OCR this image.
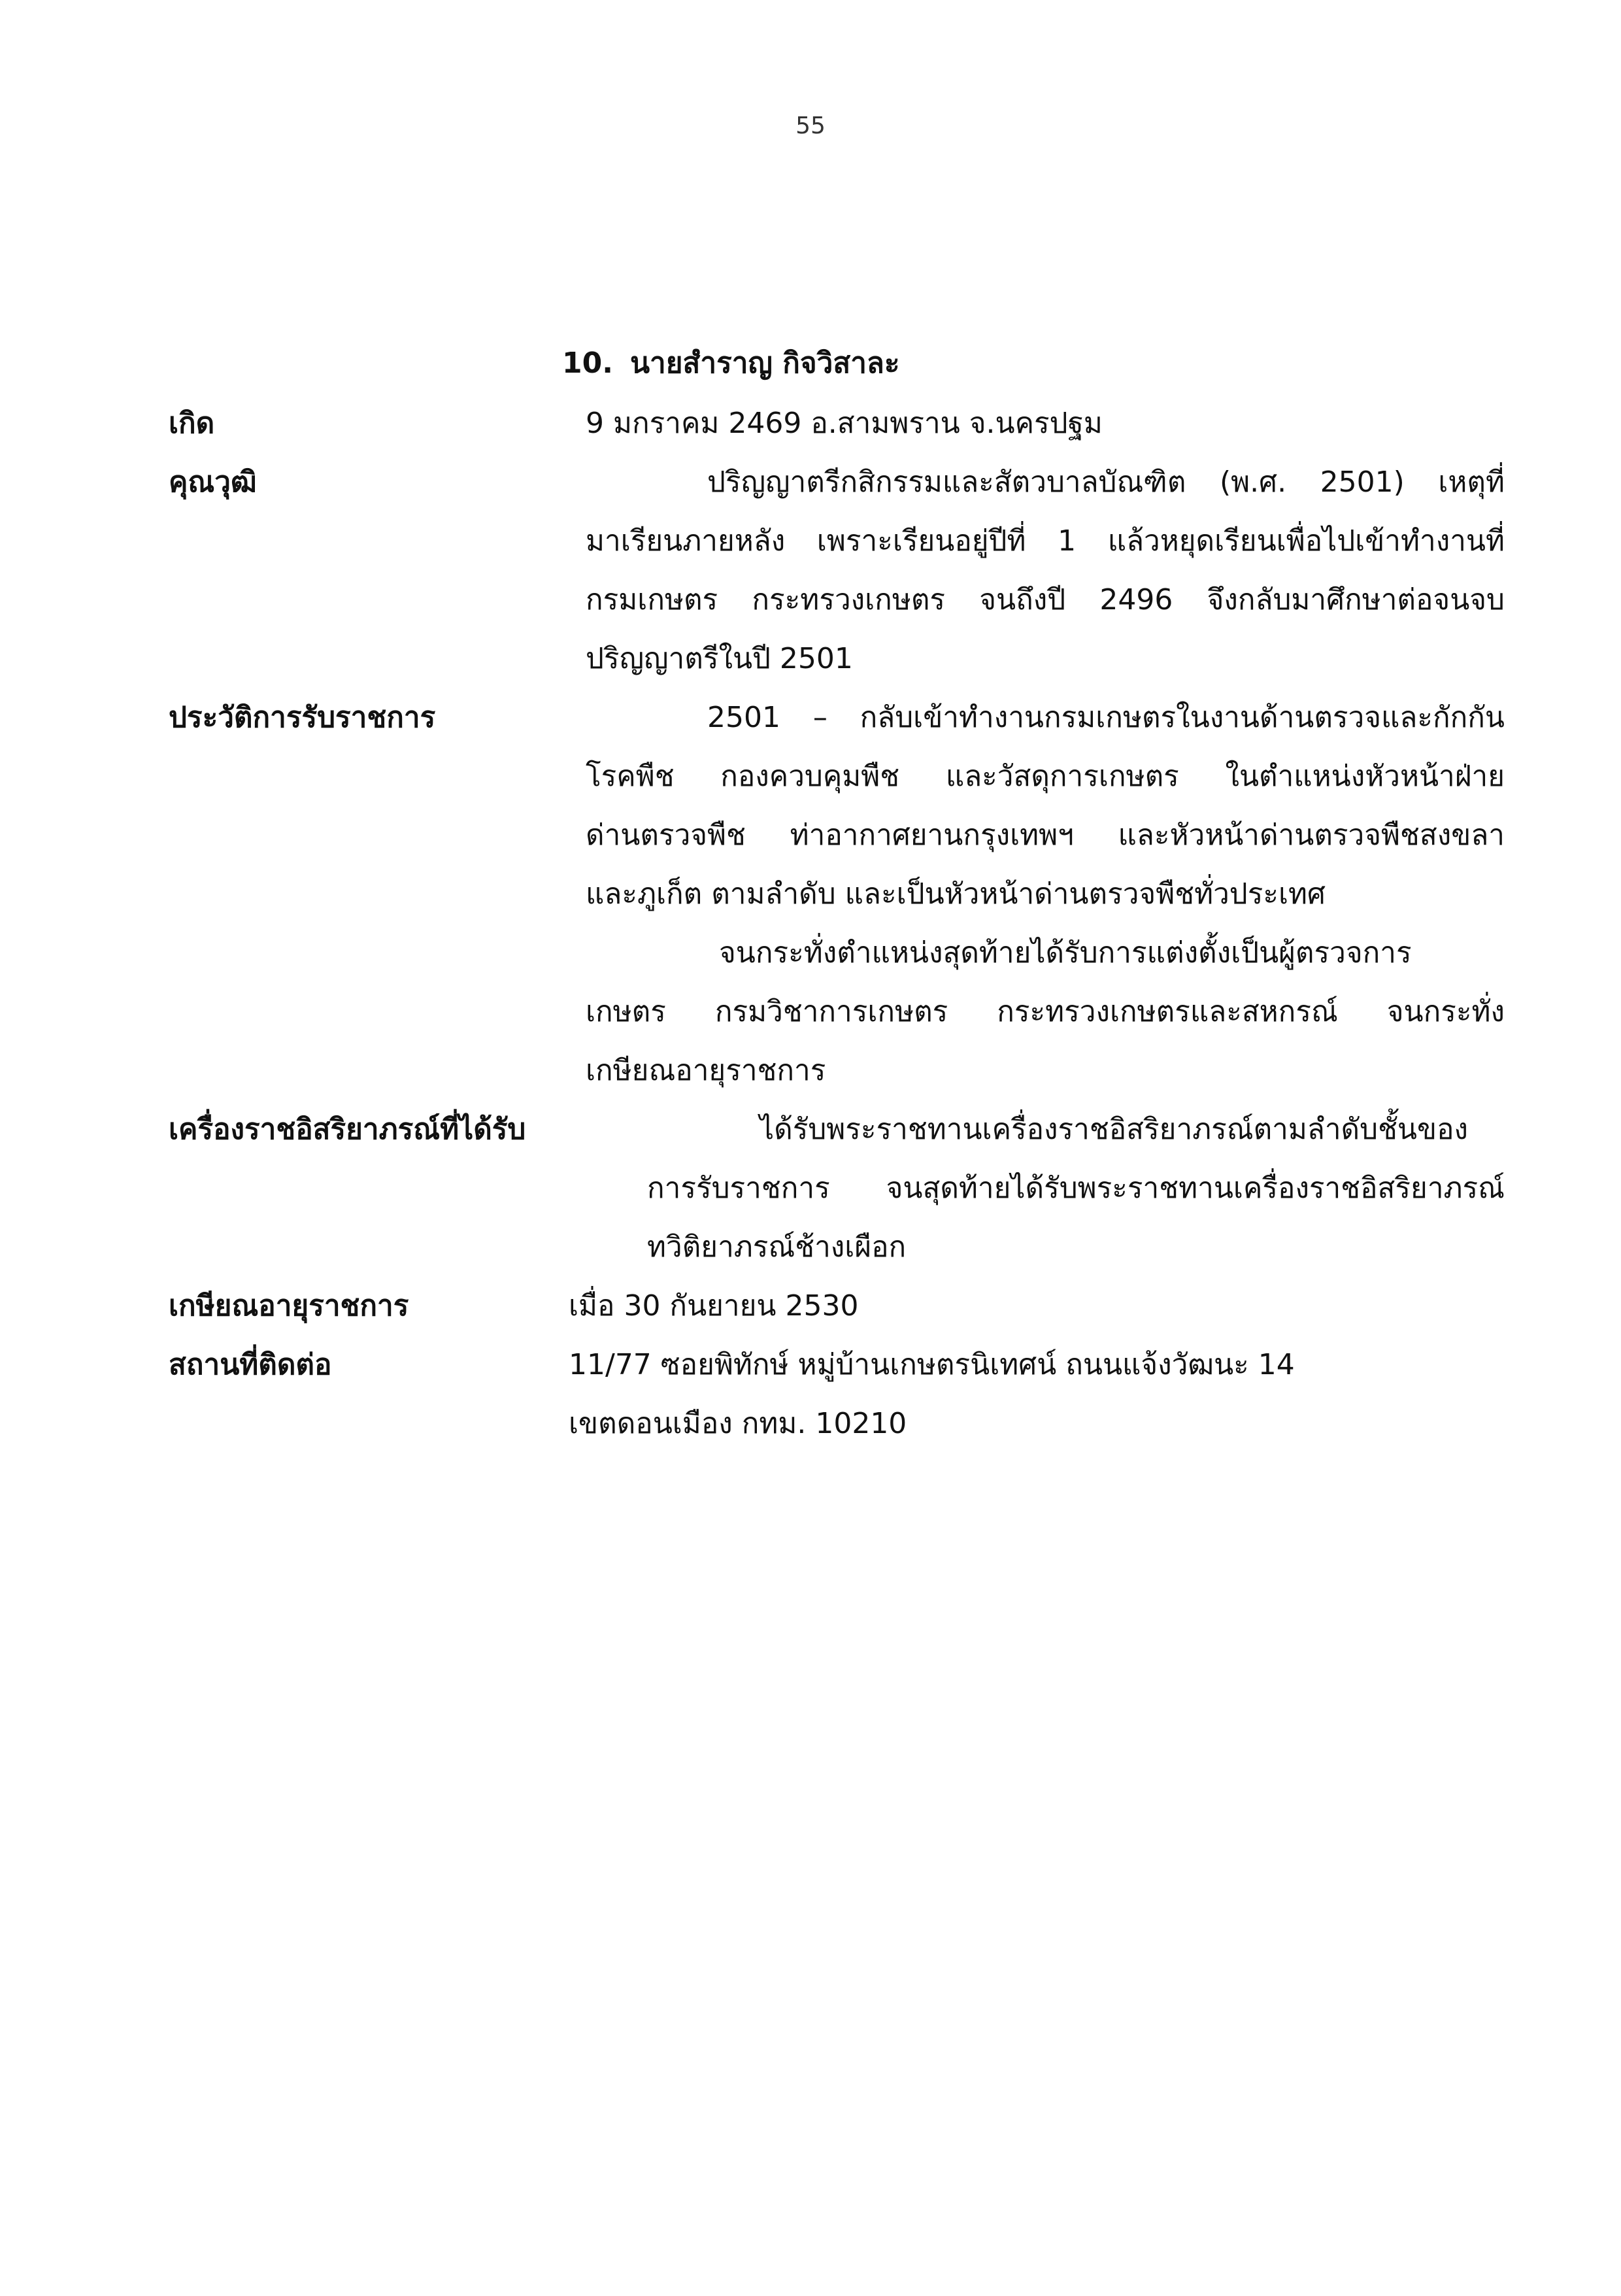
55
10. นายสำราญ กิจวิสาละ
เกิด	9 มกราคม 2469 อ.สามพราน จ.นครปฐม
คุณวุฒิ	ปริญญาตรีกสิกรรมและสัตวบาลบัณฑิต (พ.ศ. 2501) เหตุที่
มาเรียนภายหลัง เพราะเรียนอยู่ปีที่ 1 แล้วหยุดเรียนเพื่อไปเข้าทำงานที่
กรมเกษตร กระทรวงเกษตร จนถึงปี 2496 จึงกลับมาศึกษาต่อจนจบ
ปริญญาตรีในปี 2501
ประวัติการรับราชการ	2501 – กลับเข้าทำงานกรมเกษตรในงานด้านตรวจและกักกัน
โรคพืช กองควบคุมพืช และวัสดุการเกษตร ในตำแหน่งหัวหน้าฝ่าย
ด่านตรวจพืช ท่าอากาศยานกรุงเทพฯ และหัวหน้าด่านตรวจพืชสงขลา
และภูเก็ต ตามลำดับ และเป็นหัวหน้าด่านตรวจพืชทั่วประเทศ
จนกระทั่งตำแหน่งสุดท้ายได้รับการแต่งตั้งเป็นผู้ตรวจการ
เกษตร กรมวิชาการเกษตร กระทรวงเกษตรและสหกรณ์ จนกระทั่ง
เกษียณอายุราชการ
เครื่องราชอิสริยาภรณ์ที่ได้รับ	ได้รับพระราชทานเครื่องราชอิสริยาภรณ์ตามลำดับชั้นของ
การรับราชการ จนสุดท้ายได้รับพระราชทานเครื่องราชอิสริยาภรณ์
ทวิติยาภรณ์ช้างเผือก
เกษียณอายุราชการ	เมื่อ 30 กันยายน 2530
สถานที่ติดต่อ	11/77 ซอยพิทักษ์ หมู่บ้านเกษตรนิเทศน์ ถนนแจ้งวัฒนะ 14
เขตดอนเมือง กทม. 10210
